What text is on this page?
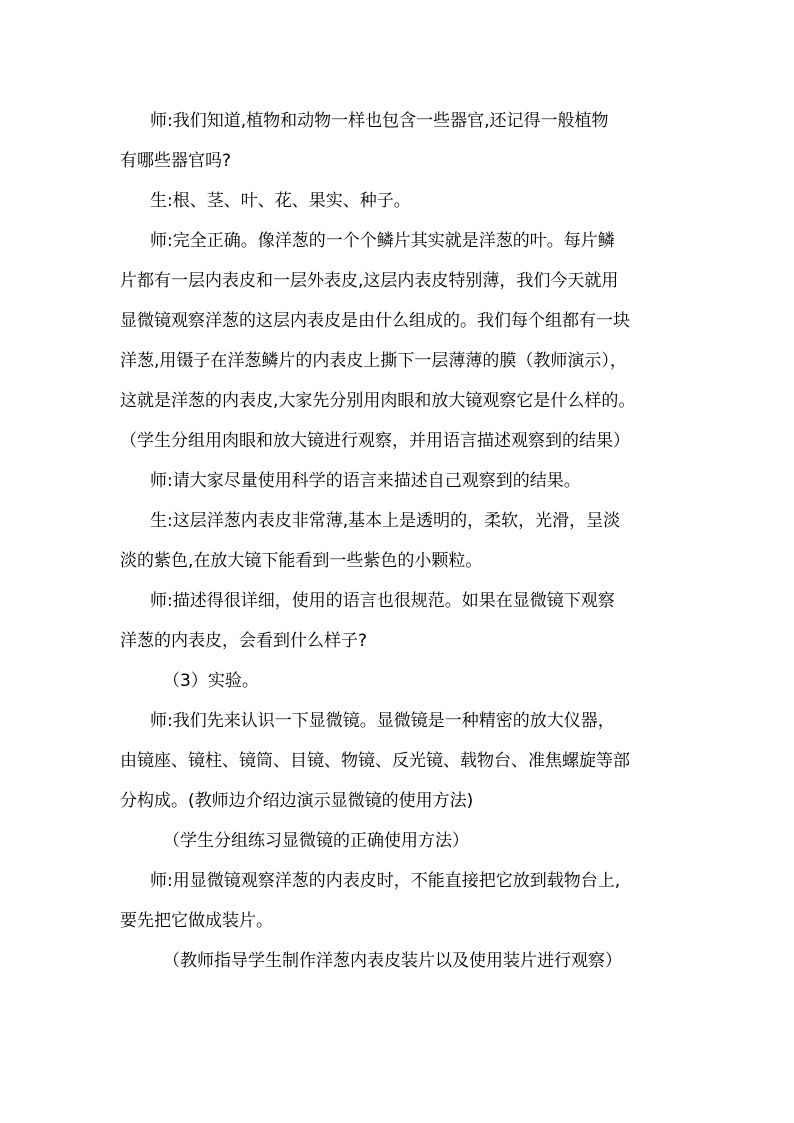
师:我们知道,植物和动物一样也包含一些器官,还记得一般植物
有哪些器官吗?
生:根、茎、叶、花、果实、种子。
师:完全正确。像洋葱的一个个鳞片其实就是洋葱的叶。每片鳞
片都有一层内表皮和一层外表皮,这层内表皮特别薄，我们今天就用
显微镜观察洋葱的这层内表皮是由什么组成的。我们每个组都有一块
洋葱,用镊子在洋葱鳞片的内表皮上撕下一层薄薄的膜（教师演示），
这就是洋葱的内表皮,大家先分别用肉眼和放大镜观察它是什么样的。
（学生分组用肉眼和放大镜进行观察，并用语言描述观察到的结果）
师:请大家尽量使用科学的语言来描述自己观察到的结果。
生:这层洋葱内表皮非常薄,基本上是透明的，柔软，光滑，呈淡
淡的紫色,在放大镜下能看到一些紫色的小颗粒。
师:描述得很详细，使用的语言也很规范。如果在显微镜下观察
洋葱的内表皮，会看到什么样子?
（3）实验。
师:我们先来认识一下显微镜。显微镜是一种精密的放大仪器，
由镜座、镜柱、镜筒、目镜、物镜、反光镜、载物台、准焦螺旋等部
分构成。(教师边介绍边演示显微镜的使用方法)
（学生分组练习显微镜的正确使用方法）
师:用显微镜观察洋葱的内表皮时，不能直接把它放到载物台上,
要先把它做成装片。
（教师指导学生制作洋葱内表皮装片以及使用装片进行观察）
